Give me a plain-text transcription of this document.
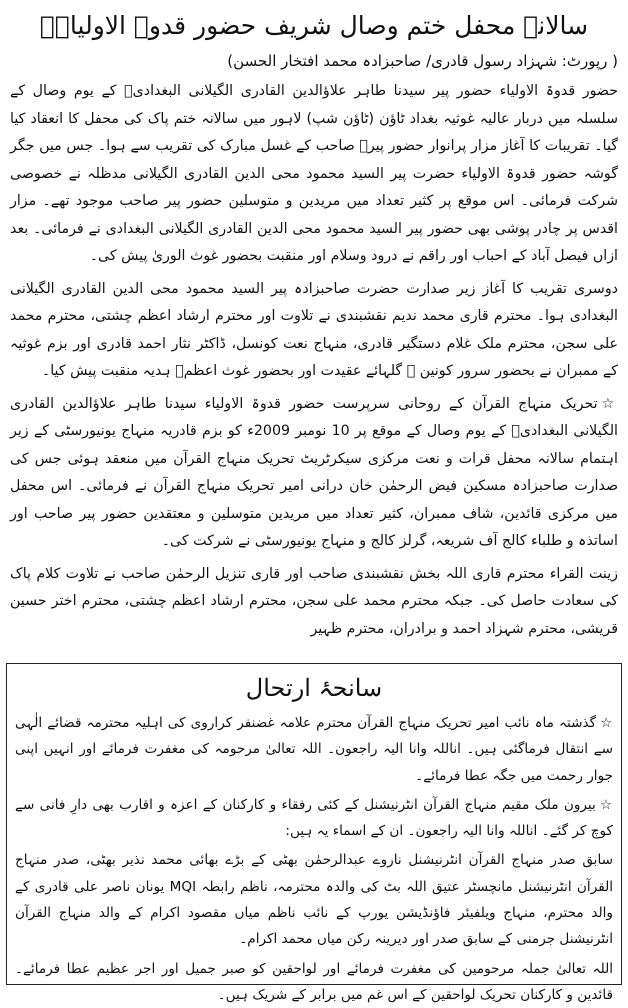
سالانہ محفل ختم وصال شریف حضور قدوۃ الاولیاءؒ
( رپورٹ: شہزاد رسول قادری/ صاحبزادہ محمد افتخار الحسن)

حضور قدوۃ الاولیاء حضور پیر سیدنا طاہر علاؤالدین القادری الگیلانی البغدادیؒ کے یوم وصال کے سلسلہ میں دربار عالیہ غوثیہ بغداد ٹاؤن (ٹاؤن شپ) لاہور میں سالانہ ختم پاک کی محفل کا انعقاد کیا گیا۔ تقریبات کا آغاز مزار پرانوار حضور پیرؒ صاحب کے غسل مبارک کی تقریب سے ہوا۔ جس میں جگر گوشہ حضور قدوۃ الاولیاء حضرت پیر السید محمود محی الدین القادری الگیلانی مدظلہ نے خصوصی شرکت فرمائی۔ اس موقع پر کثیر تعداد میں مریدین و متوسلین حضور پیر صاحب موجود تھے۔ مزار اقدس پر چادر پوشی بھی حضور پیر السید محمود محی الدین القادری الگیلانی البغدادی نے فرمائی۔ بعد ازاں فیصل آباد کے احباب اور راقم نے درود وسلام اور منقبت بحضور غوث الوریٰ پیش کی۔

دوسری تقریب کا آغاز زیر صدارت حضرت صاحبزادہ پیر السید محمود محی الدین القادری الگیلانی البغدادی ہوا۔ محترم قاری محمد ندیم نقشبندی نے تلاوت اور محترم ارشاد اعظم چشتی، محترم محمد علی سجن، محترم ملک غلام دستگیر قادری، منہاج نعت کونسل، ڈاکٹر نثار احمد قادری اور بزم غوثیہ کے ممبران نے بحضور سرور کونین ﷺ گلہائے عقیدت اور بحضور غوث اعظمؓ ہدیہ منقبت پیش کیا۔

☆ تحریک منہاج القرآن کے روحانی سرپرست حضور قدوۃ الاولیاء سیدنا طاہر علاؤالدین القادری الگیلانی البغدادیؒ کے یوم وصال کے موقع پر 10 نومبر 2009ء کو بزم قادریہ منہاج یونیورسٹی کے زیر اہتمام سالانہ محفل قرات و نعت مرکزی سیکرٹریٹ تحریک منہاج القرآن میں منعقد ہوئی جس کی صدارت صاحبزادہ مسکین فیض الرحمٰن خان درانی امیر تحریک منہاج القرآن نے فرمائی۔ اس محفل میں مرکزی قائدین، شاف ممبران، کثیر تعداد میں مریدین متوسلین و معتقدین حضور پیر صاحب اور اساتذہ و طلباء کالج آف شریعہ، گرلز کالج و منہاج یونیورسٹی نے شرکت کی۔

زینت القراء محترم قاری اللہ بخش نقشبندی صاحب اور قاری تنزیل الرحمٰن صاحب نے تلاوت کلام پاک کی سعادت حاصل کی۔ جبکہ محترم محمد علی سجن، محترم ارشاد اعظم چشتی، محترم اختر حسین قریشی، محترم شہزاد احمد و برادران، محترم ظہیر

سانحۂ ارتحال

☆ گذشتہ ماہ نائب امیر تحریک منہاج القرآن محترم علامہ غضنفر کراروی کی اہلیہ محترمہ قضائے الٰہی سے انتقال فرماگئی ہیں۔ اناللہ وانا الیہ راجعون۔ اللہ تعالیٰ مرحومہ کی مغفرت فرمائے اور انہیں اپنی جوار رحمت میں جگہ عطا فرمائے۔

☆ بیرون ملک مقیم منہاج القرآن انٹرنیشنل کے کئی رفقاء و کارکنان کے اعزہ و اقارب بھی دارِ فانی سے کوچ کر گئے۔ اناللہ وانا الیہ راجعون۔ ان کے اسماء یہ ہیں:

سابق صدر منہاج القرآن انٹرنیشنل ناروے عبدالرحمٰن بھٹی کے بڑے بھائی محمد نذیر بھٹی، صدر منہاج القرآن انٹرنیشنل مانچسٹر عتیق اللہ بٹ کی والدہ محترمہ، ناظم رابطہ MQI یونان ناصر علی قادری کے والد محترم، منہاج ویلفیئر فاؤنڈیشن یورپ کے نائب ناظم میاں مقصود اکرام کے والد منہاج القرآن انٹرنیشنل جرمنی کے سابق صدر اور دیرینہ رکن میاں محمد اکرام۔

اللہ تعالیٰ جملہ مرحومین کی مغفرت فرمائے اور لواحقین کو صبر جمیل اور اجر عظیم عطا فرمائے۔ قائدین و کارکنان تحریک لواحقین کے اس غم میں برابر کے شریک ہیں۔
